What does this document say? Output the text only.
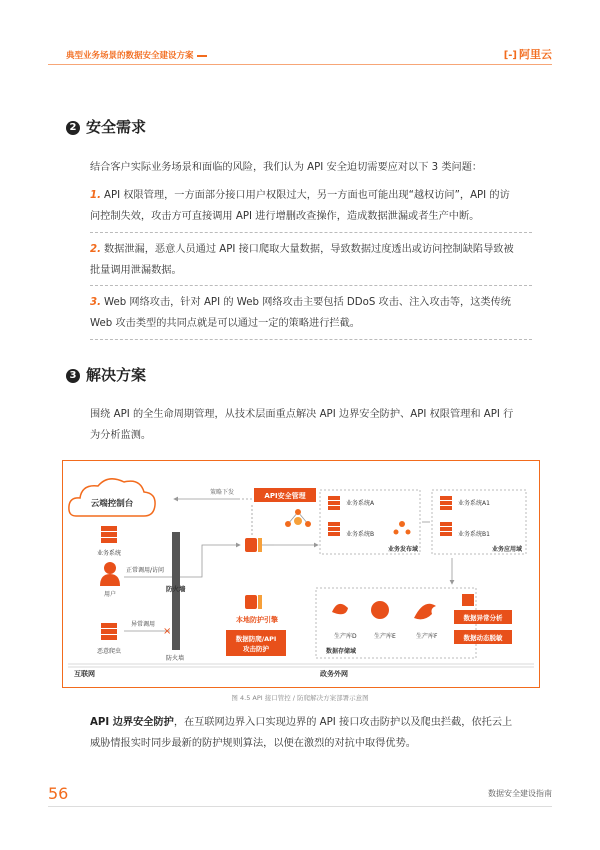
典型业务场景的数据安全建设方案	[-] 阿里云
2 安全需求
结合客户实际业务场景和面临的风险，我们认为 API 安全迫切需要应对以下 3 类问题：
1. API 权限管理，一方面部分接口用户权限过大，另一方面也可能出现“越权访问”，API 的访
问控制失效，攻击方可直接调用 API 进行增删改查操作，造成数据泄漏或者生产中断。
2. 数据泄漏，恶意人员通过 API 接口爬取大量数据，导致数据过度透出或访问控制缺陷导致被
批量调用泄漏数据。
3. Web 网络攻击，针对 API 的 Web 网络攻击主要包括 DDoS 攻击、注入攻击等，这类传统
Web 攻击类型的共同点就是可以通过一定的策略进行拦截。
3 解决方案
围绕 API 的全生命周期管理，从技术层面重点解决 API 边界安全防护、API 权限管理和 API 行
为分析监测。
云端控制台
策略下发	API安全管理
业务系统
用户
正常调用/访问
防火墙
防火墙
恶意爬虫
异常调用
×
本地防护引擎
数据防爬/API
攻击防护
业务系统A
业务系统B
业务发布域
业务系统A1
业务系统B1
业务应用域
生产库D	生产库E	生产库F
数据存储域
数据异常分析
数据动态脱敏
互联网	政务外网
图 4.5 API 接口管控 / 防爬解决方案部署示意图
API 边界安全防护，在互联网边界入口实现边界的 API 接口攻击防护以及爬虫拦截，依托云上
威胁情报实时同步最新的防护规则算法，以便在激烈的对抗中取得优势。
56	数据安全建设指南
